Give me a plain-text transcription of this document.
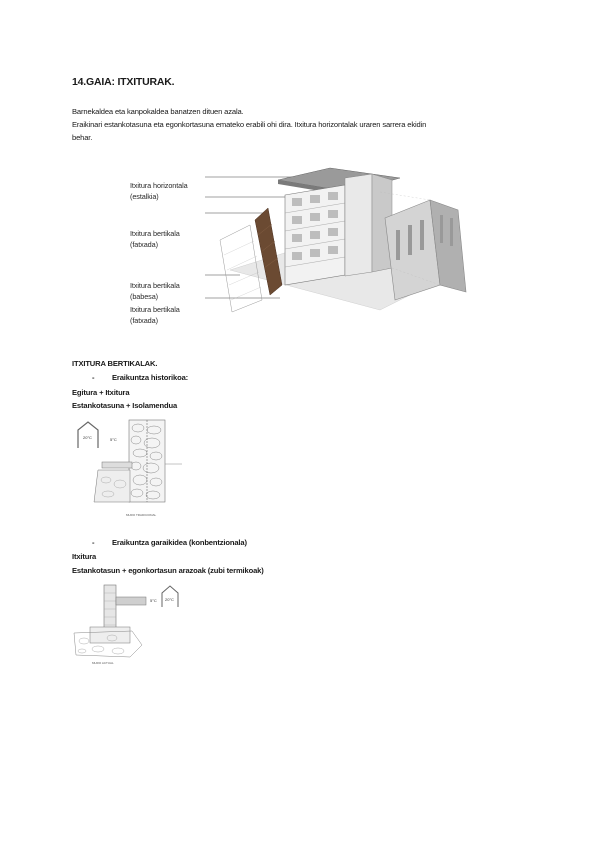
14.GAIA: ITXITURAK.
Barnekaldea eta kanpokaldea banatzen dituen azala.
Eraikinari estankotasuna eta egonkortasuna emateko erabili ohi dira. Itxitura horizontalak uraren sarrera ekidin
behar.
Itxitura horizontala
(estalkia)
Itxitura bertikala
(fatxada)
Itxitura bertikala
(babesa)
Itxitura bertikala
(fatxada)
ITXITURA BERTIKALAK.
- Eraikuntza historikoa:
Egitura + Itxitura
Estankotasuna + Isolamendua
20°C	5°C
MURO TRADICIONAL
- Eraikuntza garaikidea (konbentzionala)
Itxitura
Estankotasun + egonkortasun arazoak (zubi termikoak)
5°C 20°C
MURO ACTUAL
